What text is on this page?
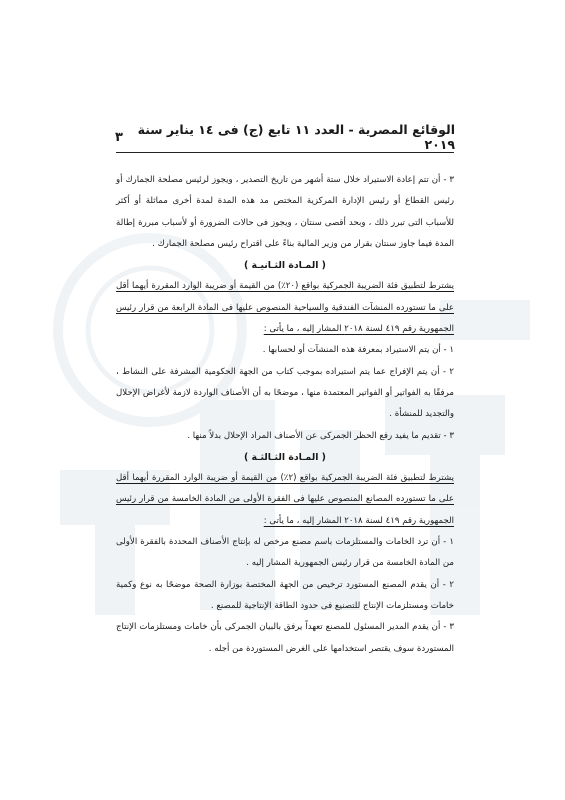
الوقائع المصرية - العدد ١١ تابع (ج) فى ١٤ يناير سنة ٢٠١٩
٣

٣ - أن تتم إعادة الاستيراد خلال ستة أشهر من تاريخ التصدير ، ويجوز لرئيس مصلحة الجمارك أو رئيس القطاع أو رئيس الإدارة المركزية المختص مد هذه المدة لمدة أخرى مماثلة أو أكثر للأسباب التى تبرر ذلك ، وبحد أقصى سنتان ، ويجوز فى حالات الضرورة أو لأسباب مبررة إطالة المدة فيما جاوز سنتان بقرار من وزير المالية بناءً على اقتراح رئيس مصلحة الجمارك .

( المـادة الثـانيـة )

يشترط لتطبيق فئة الضريبة الجمركية بواقع (٢٠٪) من القيمة أو ضريبة الوارد المقررة أيهما أقل على ما تستورده المنشآت الفندقية والسياحية المنصوص عليها فى المادة الرابعة من قرار رئيس الجمهورية رقم ٤١٩ لسنة ٢٠١٨ المشار إليه ، ما يأتى :

١ - أن يتم الاستيراد بمعرفة هذه المنشآت أو لحسابها .

٢ - أن يتم الإفراج عما يتم استيراده بموجب كتاب من الجهة الحكومية المشرفة على النشاط ، مرفقًا به الفواتير أو الفواتير المعتمدة منها ، موضحًا به أن الأصناف الواردة لازمة لأغراض الإحلال والتجديد للمنشأة .

٣ - تقديم ما يفيد رفع الحظر الجمركى عن الأصناف المراد الإحلال بدلاً منها .

( المـادة الثـالثـة )

يشترط لتطبيق فئة الضريبة الجمركية بواقع (٢٪) من القيمة أو ضريبة الوارد المقررة أيهما أقل على ما تستورده المصانع المنصوص عليها فى الفقرة الأولى من المادة الخامسة من قرار رئيس الجمهورية رقم ٤١٩ لسنة ٢٠١٨ المشار إليه ، ما يأتى :

١ - أن ترد الخامات والمستلزمات باسم مصنع مرخص له بإنتاج الأصناف المحددة بالفقرة الأولى من المادة الخامسة من قرار رئيس الجمهورية المشار إليه .

٢ - أن يقدم المصنع المستورد ترخيص من الجهة المختصة بوزارة الصحة موضحًا به نوع وكمية خامات ومستلزمات الإنتاج للتصنيع فى حدود الطاقة الإنتاجية للمصنع .

٣ - أن يقدم المدير المسئول للمصنع تعهداً يرفق بالبيان الجمركى بأن خامات ومستلزمات الإنتاج المستوردة سوف يقتصر استخدامها على الغرض المستوردة من أجله .
